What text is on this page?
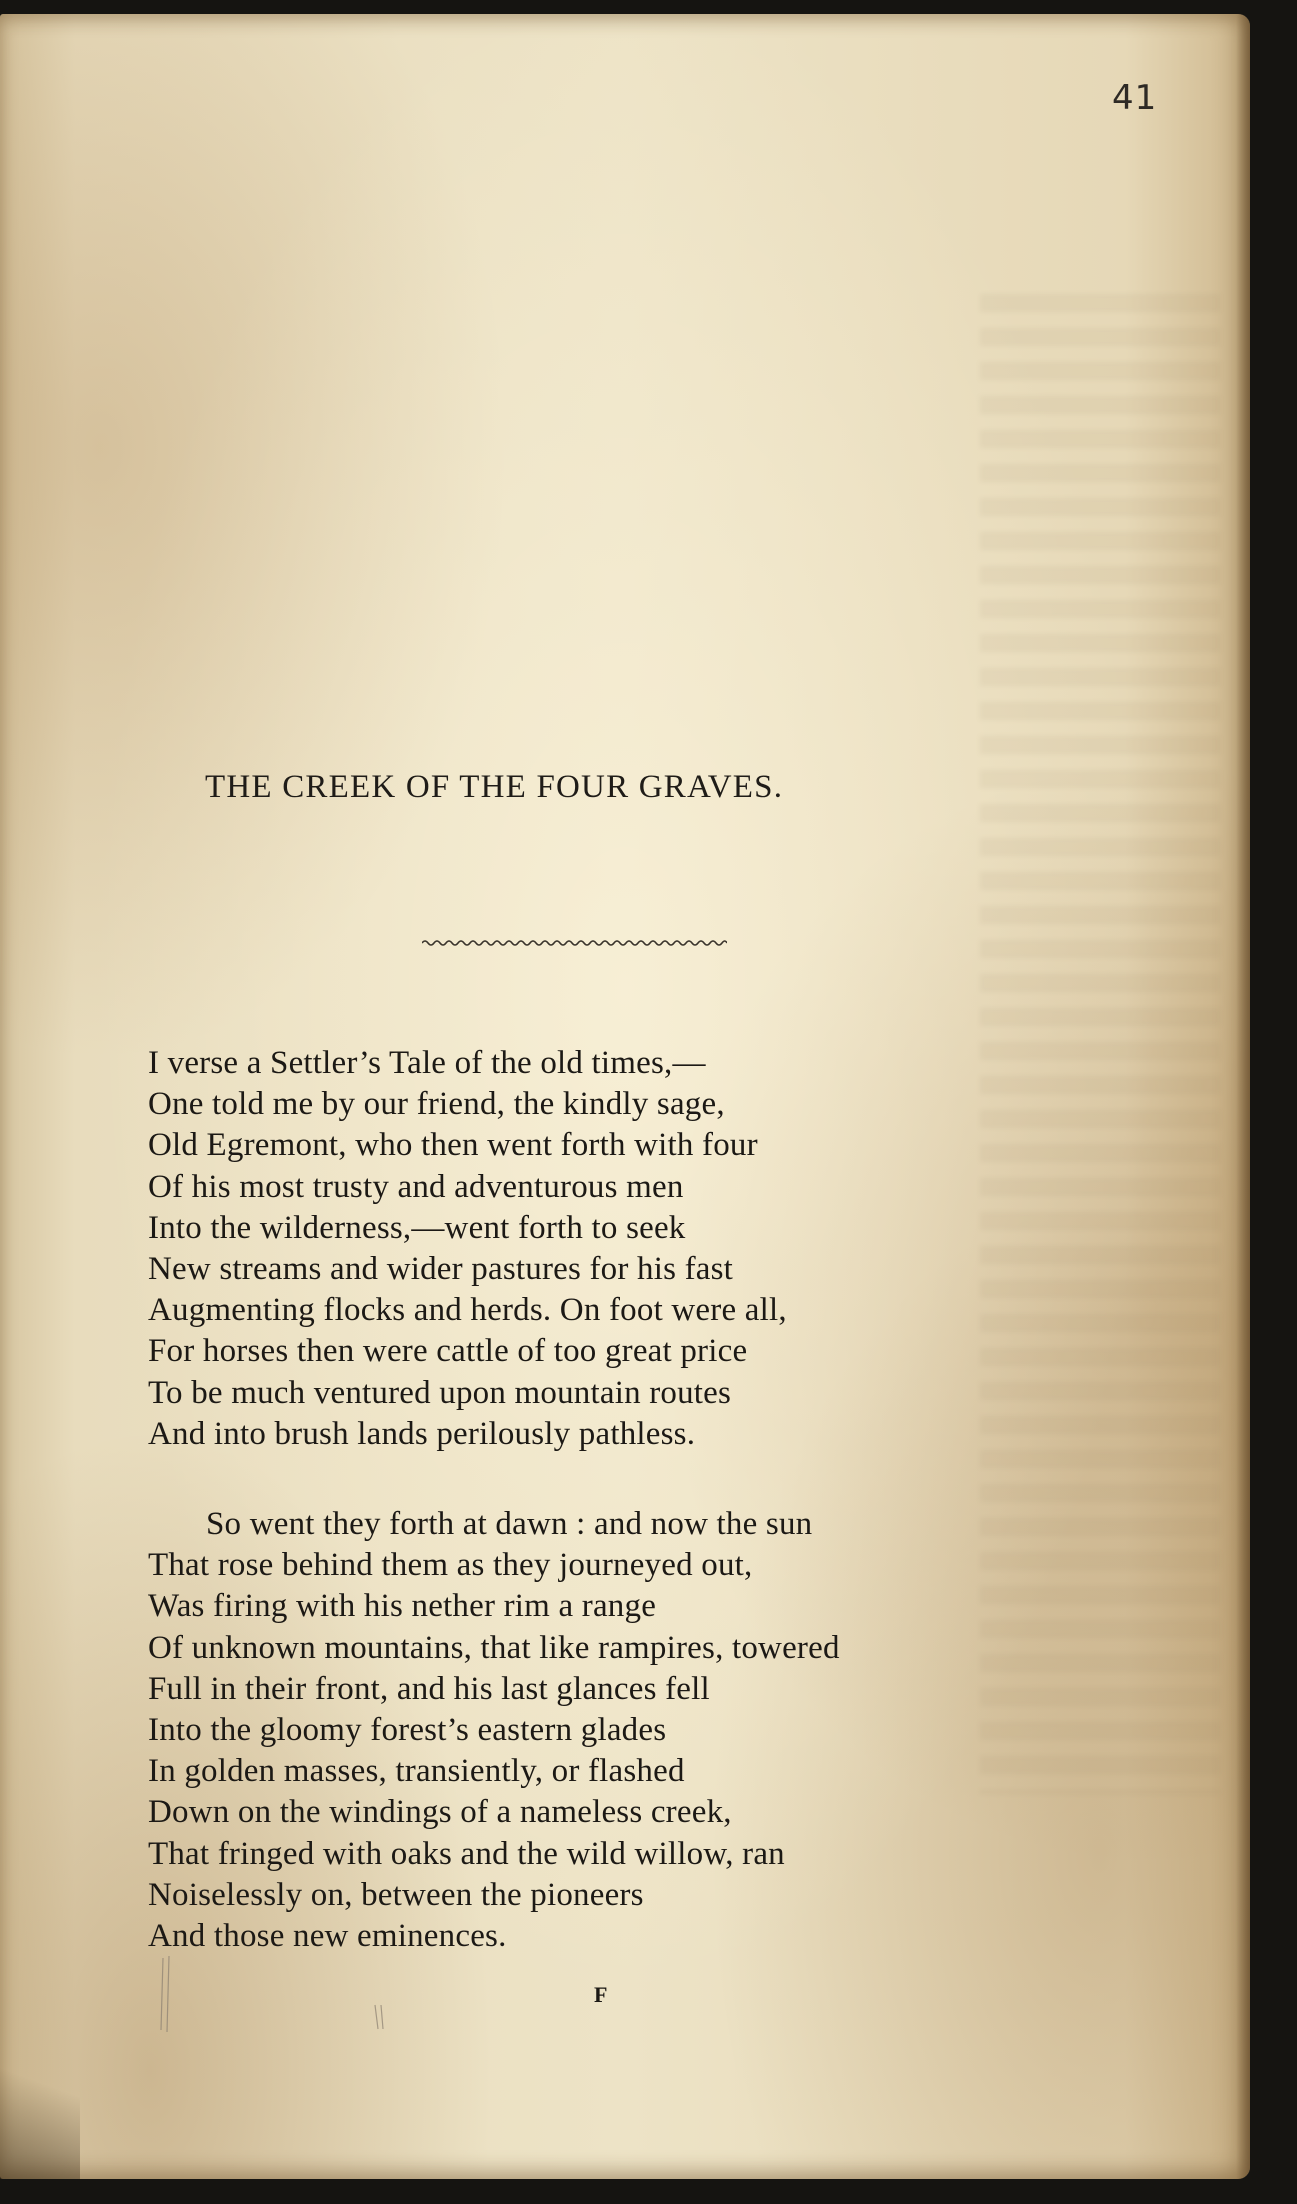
41
THE CREEK OF THE FOUR GRAVES.
I verse a Settler’s Tale of the old times,—
One told me by our friend, the kindly sage,
Old Egremont, who then went forth with four
Of his most trusty and adventurous men
Into the wilderness,—went forth to seek
New streams and wider pastures for his fast
Augmenting flocks and herds. On foot were all,
For horses then were cattle of too great price
To be much ventured upon mountain routes
And into brush lands perilously pathless.
So went they forth at dawn : and now the sun
That rose behind them as they journeyed out,
Was firing with his nether rim a range
Of unknown mountains, that like rampires, towered
Full in their front, and his last glances fell
Into the gloomy forest’s eastern glades
In golden masses, transiently, or flashed
Down on the windings of a nameless creek,
That fringed with oaks and the wild willow, ran
Noiselessly on, between the pioneers
And those new eminences.
F
